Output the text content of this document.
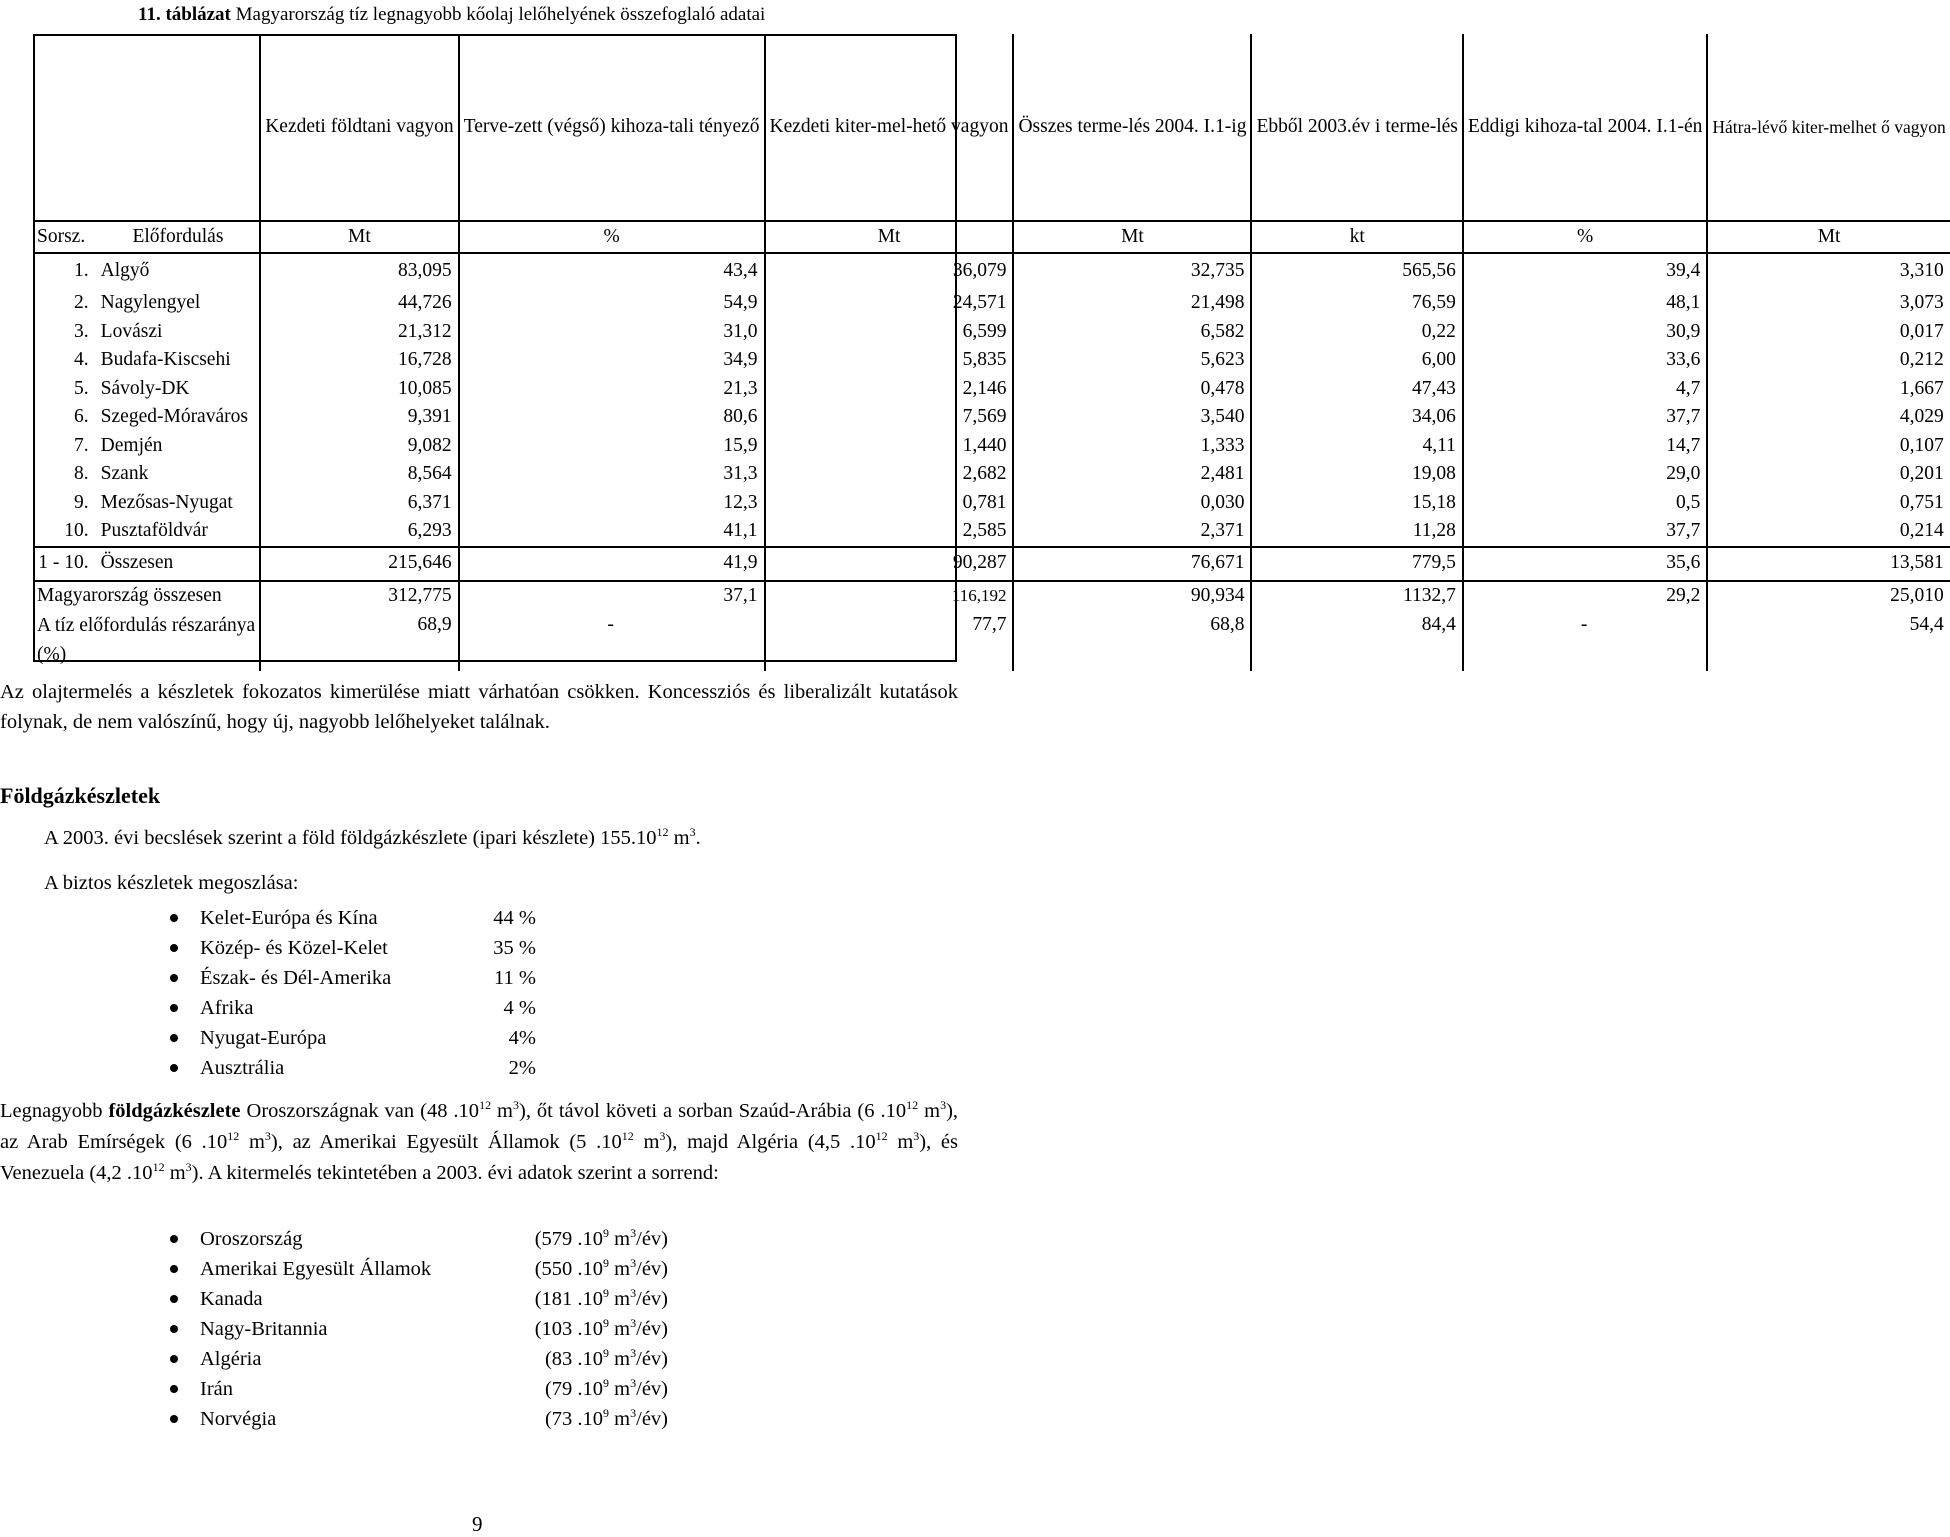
11. táblázat Magyarország tíz legnagyobb kőolaj lelőhelyének összefoglaló adatai
		Kezdeti földtani vagyon	Terve-zett (végső) kihoza-tali tényező	Kezdeti kiter-mel-hető vagyon	Összes terme-lés 2004. I.1-ig	Ebből 2003.év i terme-lés	Eddigi kihoza-tal 2004. I.1-én	Hátra-lévő kiter-melhet ő vagyon
Sorsz.	Előfordulás	Mt	%	Mt	Mt	kt	%	Mt
1.	Algyő	83,095	43,4	36,079	32,735	565,56	39,4	3,310
2.	Nagylengyel	44,726	54,9	24,571	21,498	76,59	48,1	3,073
3.	Lovászi	21,312	31,0	6,599	6,582	0,22	30,9	0,017
4.	Budafa-Kiscsehi	16,728	34,9	5,835	5,623	6,00	33,6	0,212
5.	Sávoly-DK	10,085	21,3	2,146	0,478	47,43	4,7	1,667
6.	Szeged-Móraváros	9,391	80,6	7,569	3,540	34,06	37,7	4,029
7.	Demjén	9,082	15,9	1,440	1,333	4,11	14,7	0,107
8.	Szank	8,564	31,3	2,682	2,481	19,08	29,0	0,201
9.	Mezősas-Nyugat	6,371	12,3	0,781	0,030	15,18	0,5	0,751
10.	Pusztaföldvár	6,293	41,1	2,585	2,371	11,28	37,7	0,214
1 - 10.	Összesen	215,646	41,9	90,287	76,671	779,5	35,6	13,581
Magyarország összesen		312,775	37,1	116,192	90,934	1132,7	29,2	25,010

A tíz előfordulás részaránya
(%)		68,9	-	77,7	68,8	84,4	-	54,4
Az olajtermelés a készletek fokozatos kimerülése miatt várhatóan csökken. Koncessziós és liberalizált kutatások folynak, de nem valószínű, hogy új, nagyobb lelőhelyeket találnak.
Földgázkészletek
A 2003. évi becslések szerint a föld földgázkészlete (ipari készlete) 155.10$^{12}$ $m^3$.
A biztos készletek megoszlása:
Kelet-Európa és Kína	44 %
Közép- és Közel-Kelet	35 %
Észak- és Dél-Amerika	11 %
Afrika	4 %
Nyugat-Európa	4%
Ausztrália	2%
Legnagyobb földgázkészlete Oroszországnak van (48 $.10^{12}$ $m^3$), őt távol követi a sorban Szaúd-Arábia (6 $.10^{12}$ $m^3$), az Arab Emírségek (6 $.10^{12}$ $m^3$), az Amerikai Egyesült Államok (5 $.10^{12}$ $m^3$), majd Algéria (4,5 $.10^{12}$ $m^3$), és Venezuela (4,2 $.10^{12}$ $m^3$). A kitermelés tekintetében a 2003. évi adatok szerint a sorrend:
Oroszország	(579 $.10^9$ $m^3/év$)
Amerikai Egyesült Államok	(550 $.10^9$ $m^3/év$)
Kanada	(181 $.10^9$ $m^3/év$)
Nagy-Britannia	(103 $.10^9$ $m^3/év$)
Algéria	(83 $.10^9$ $m^3/év$)
Irán	(79 $.10^9$ $m^3/év$)
Norvégia	(73 $.10^9$ $m^3/év$)
9
